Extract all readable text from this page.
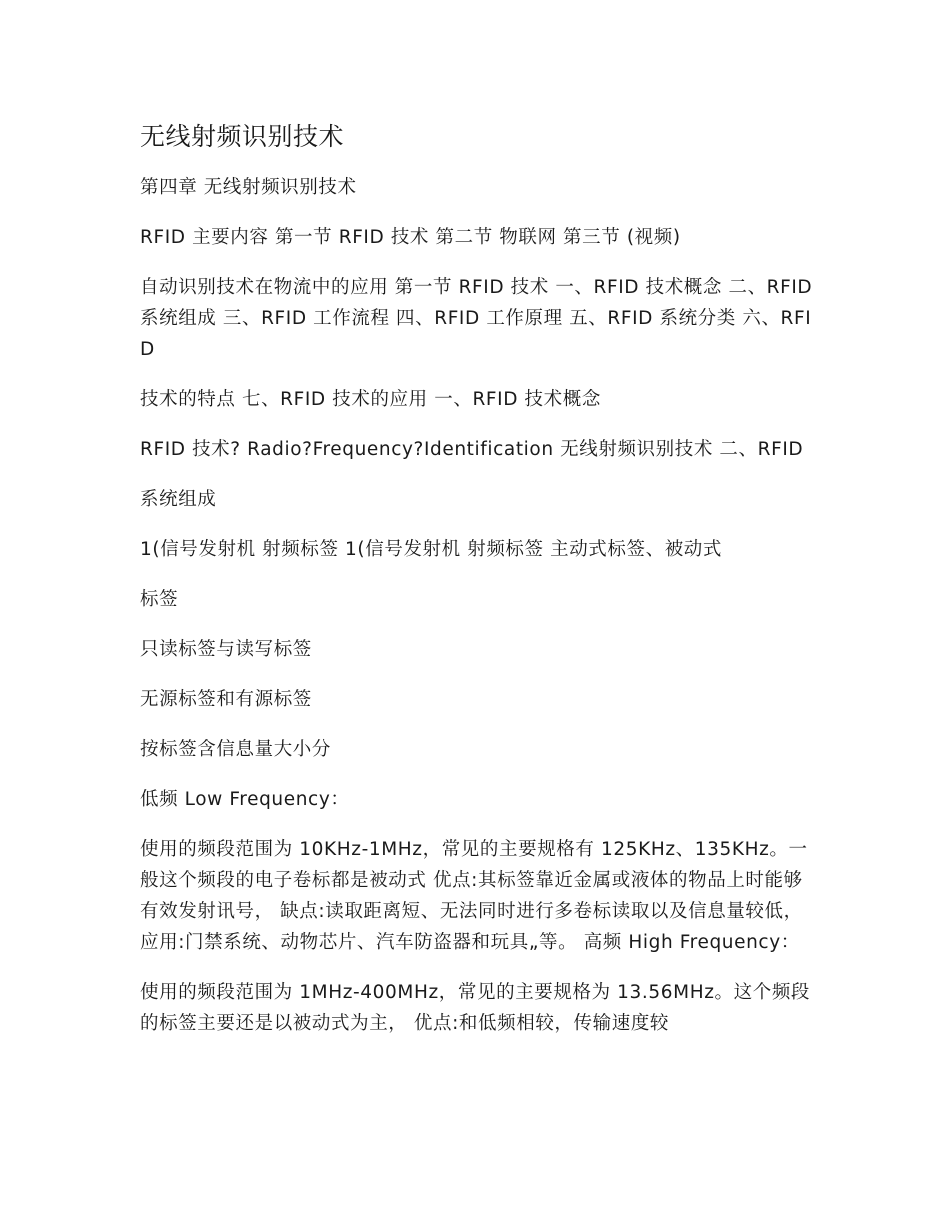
无线射频识别技术

第四章 无线射频识别技术

RFID 主要内容 第一节 RFID 技术 第二节 物联网 第三节 (视频)

自动识别技术在物流中的应用 第一节 RFID 技术 一、RFID 技术概念 二、RFID 系统组成 三、RFID 工作流程 四、RFID 工作原理 五、RFID 系统分类 六、RFID

技术的特点 七、RFID 技术的应用 一、RFID 技术概念

RFID 技术? Radio?Frequency?Identification 无线射频识别技术 二、RFID

系统组成

1(信号发射机 射频标签 1(信号发射机 射频标签 主动式标签、被动式

标签

只读标签与读写标签

无源标签和有源标签

按标签含信息量大小分

低频 Low Frequency：

使用的频段范围为 10KHz-1MHz，常见的主要规格有 125KHz、135KHz。一般这个频段的电子卷标都是被动式 优点:其标签靠近金属或液体的物品上时能够有效发射讯号， 缺点:读取距离短、无法同时进行多卷标读取以及信息量较低， 应用:门禁系统、动物芯片、汽车防盗器和玩具„等。 高频 High Frequency：

使用的频段范围为 1MHz-400MHz，常见的主要规格为 13.56MHz。这个频段的标签主要还是以被动式为主， 优点:和低频相较，传输速度较
